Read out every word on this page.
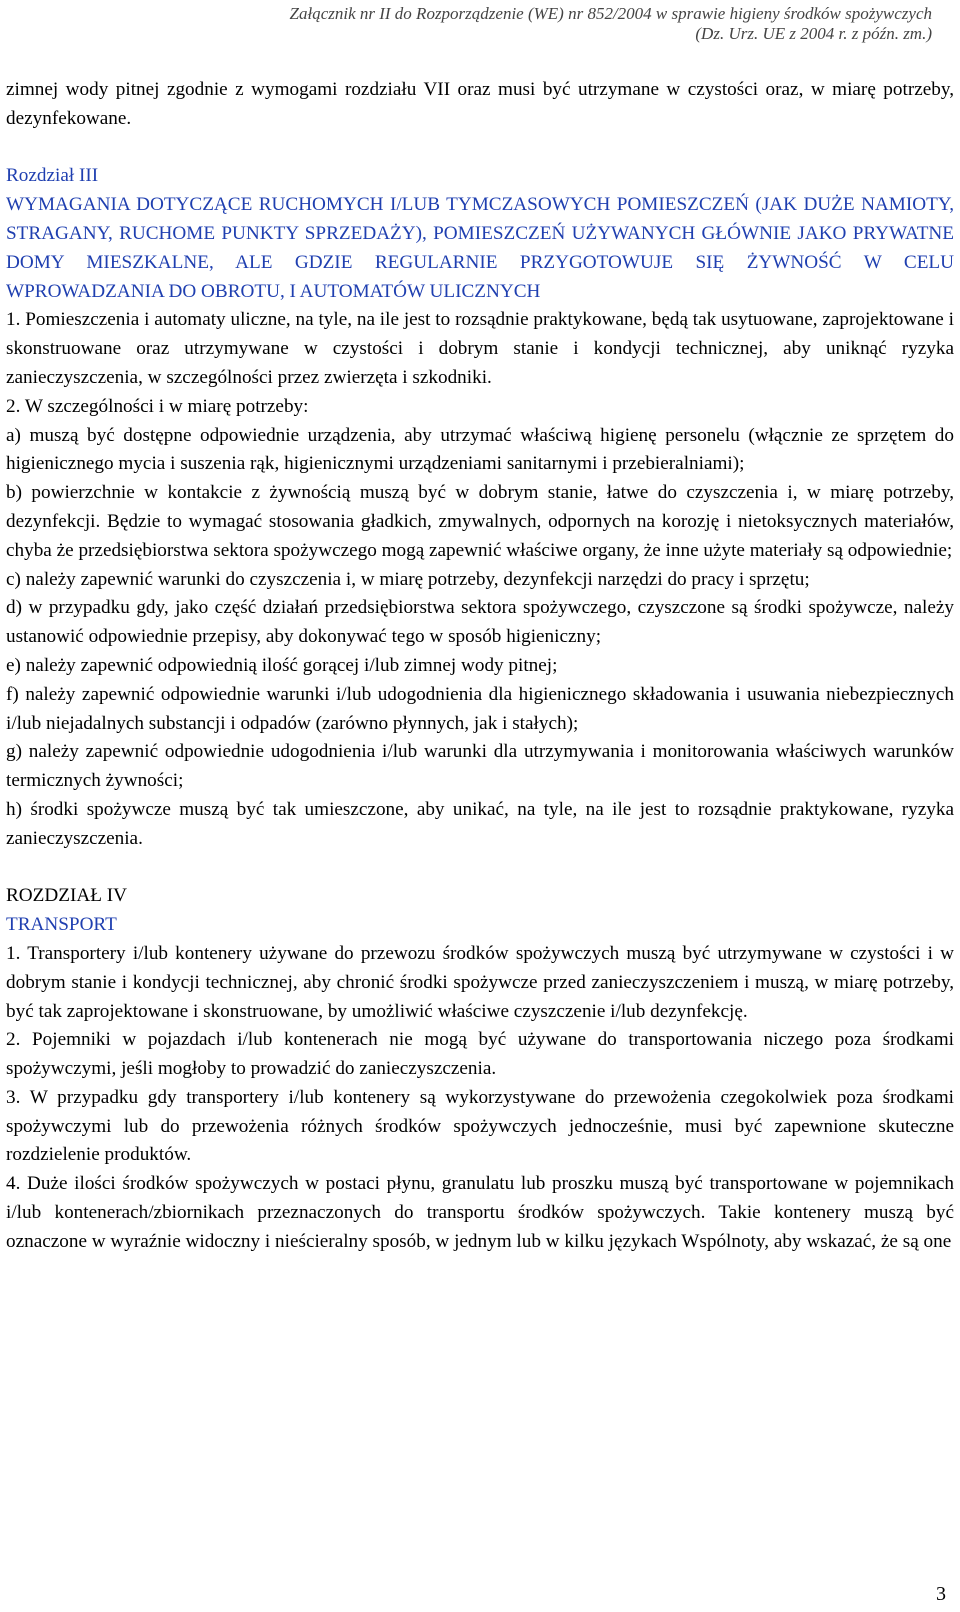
Załącznik nr II do Rozporządzenie (WE) nr 852/2004 w sprawie higieny środków spożywczych
(Dz. Urz. UE z 2004 r. z późn. zm.)

zimnej wody pitnej zgodnie z wymogami rozdziału VII oraz musi być utrzymane w czystości oraz, w miarę potrzeby, dezynfekowane.

Rozdział III

WYMAGANIA DOTYCZĄCE RUCHOMYCH I/LUB TYMCZASOWYCH POMIESZCZEŃ (JAK DUŻE NAMIOTY, STRAGANY, RUCHOME PUNKTY SPRZEDAŻY), POMIESZCZEŃ UŻYWANYCH GŁÓWNIE JAKO PRYWATNE DOMY MIESZKALNE, ALE GDZIE REGULARNIE PRZYGOTOWUJE SIĘ ŻYWNOŚĆ W CELU WPROWADZANIA DO OBROTU, I AUTOMATÓW ULICZNYCH

1. Pomieszczenia i automaty uliczne, na tyle, na ile jest to rozsądnie praktykowane, będą tak usytuowane, zaprojektowane i skonstruowane oraz utrzymywane w czystości i dobrym stanie i kondycji technicznej, aby uniknąć ryzyka zanieczyszczenia, w szczególności przez zwierzęta i szkodniki.

2. W szczególności i w miarę potrzeby:

a) muszą być dostępne odpowiednie urządzenia, aby utrzymać właściwą higienę personelu (włącznie ze sprzętem do higienicznego mycia i suszenia rąk, higienicznymi urządzeniami sanitarnymi i przebieralniami);

b) powierzchnie w kontakcie z żywnością muszą być w dobrym stanie, łatwe do czyszczenia i, w miarę potrzeby, dezynfekcji. Będzie to wymagać stosowania gładkich, zmywalnych, odpornych na korozję i nietoksycznych materiałów, chyba że przedsiębiorstwa sektora spożywczego mogą zapewnić właściwe organy, że inne użyte materiały są odpowiednie;

c) należy zapewnić warunki do czyszczenia i, w miarę potrzeby, dezynfekcji narzędzi do pracy i sprzętu;

d) w przypadku gdy, jako część działań przedsiębiorstwa sektora spożywczego, czyszczone są środki spożywcze, należy ustanowić odpowiednie przepisy, aby dokonywać tego w sposób higieniczny;

e) należy zapewnić odpowiednią ilość gorącej i/lub zimnej wody pitnej;

f) należy zapewnić odpowiednie warunki i/lub udogodnienia dla higienicznego składowania i usuwania niebezpiecznych i/lub niejadalnych substancji i odpadów (zarówno płynnych, jak i stałych);

g) należy zapewnić odpowiednie udogodnienia i/lub warunki dla utrzymywania i monitorowania właściwych warunków termicznych żywności;

h) środki spożywcze muszą być tak umieszczone, aby unikać, na tyle, na ile jest to rozsądnie praktykowane, ryzyka zanieczyszczenia.

ROZDZIAŁ IV

TRANSPORT

1. Transportery i/lub kontenery używane do przewozu środków spożywczych muszą być utrzymywane w czystości i w dobrym stanie i kondycji technicznej, aby chronić środki spożywcze przed zanieczyszczeniem i muszą, w miarę potrzeby, być tak zaprojektowane i skonstruowane, by umożliwić właściwe czyszczenie i/lub dezynfekcję.

2. Pojemniki w pojazdach i/lub kontenerach nie mogą być używane do transportowania niczego poza środkami spożywczymi, jeśli mogłoby to prowadzić do zanieczyszczenia.

3. W przypadku gdy transportery i/lub kontenery są wykorzystywane do przewożenia czegokolwiek poza środkami spożywczymi lub do przewożenia różnych środków spożywczych jednocześnie, musi być zapewnione skuteczne rozdzielenie produktów.

4. Duże ilości środków spożywczych w postaci płynu, granulatu lub proszku muszą być transportowane w pojemnikach i/lub kontenerach/zbiornikach przeznaczonych do transportu środków spożywczych. Takie kontenery muszą być oznaczone w wyraźnie widoczny i nieścieralny sposób, w jednym lub w kilku językach Wspólnoty, aby wskazać, że są one

3
